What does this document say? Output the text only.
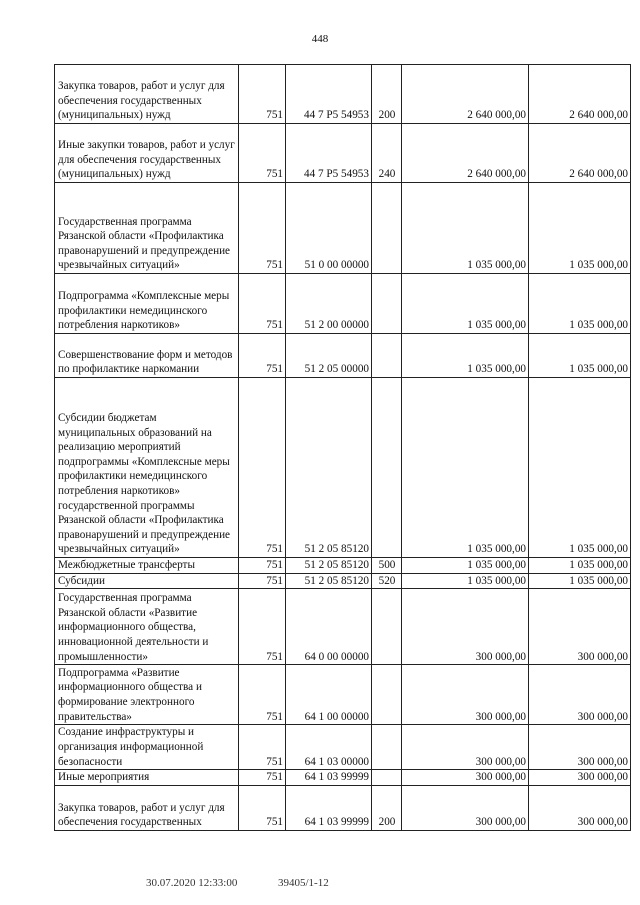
448
Закупка товаров, работ и услуг для обеспечения государственных (муниципальных) нужд	751	44 7 Р5 54953	200	2 640 000,00	2 640 000,00
Иные закупки товаров, работ и услуг для обеспечения государственных (муниципальных) нужд	751	44 7 Р5 54953	240	2 640 000,00	2 640 000,00
Государственная программа Рязанской области «Профилактика правонарушений и предупреждение чрезвычайных ситуаций»	751	51 0 00 00000		1 035 000,00	1 035 000,00
Подпрограмма «Комплексные меры профилактики немедицинского потребления наркотиков»	751	51 2 00 00000		1 035 000,00	1 035 000,00
Совершенствование форм и методов по профилактике наркомании	751	51 2 05 00000		1 035 000,00	1 035 000,00
Субсидии бюджетам муниципальных образований на реализацию мероприятий подпрограммы «Комплексные меры профилактики немедицинского потребления наркотиков» государственной программы Рязанской области «Профилактика правонарушений и предупреждение чрезвычайных ситуаций»	751	51 2 05 85120		1 035 000,00	1 035 000,00
Межбюджетные трансферты	751	51 2 05 85120	500	1 035 000,00	1 035 000,00
Субсидии	751	51 2 05 85120	520	1 035 000,00	1 035 000,00
Государственная программа Рязанской области «Развитие информационного общества, инновационной деятельности и промышленности»	751	64 0 00 00000		300 000,00	300 000,00
Подпрограмма «Развитие информационного общества и формирование электронного правительства»	751	64 1 00 00000		300 000,00	300 000,00
Создание инфраструктуры и организация информационной безопасности	751	64 1 03 00000		300 000,00	300 000,00
Иные мероприятия	751	64 1 03 99999		300 000,00	300 000,00
Закупка товаров, работ и услуг для обеспечения государственных	751	64 1 03 99999	200	300 000,00	300 000,00
30.07.2020 12:33:00	39405/1-12
